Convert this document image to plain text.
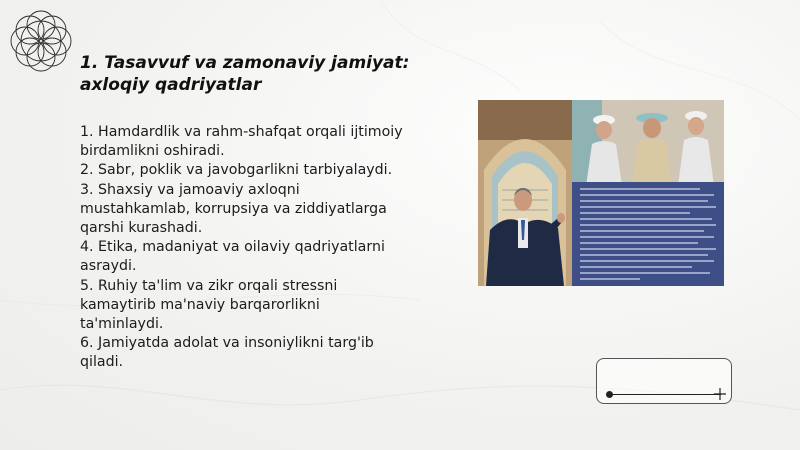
1. Tasavvuf va zamonaviy jamiyat:
axloqiy qadriyatlar
1. Hamdardlik va rahm-shafqat orqali ijtimoiy
birdamlikni oshiradi.
2. Sabr, poklik va javobgarlikni tarbiyalaydi.
3. Shaxsiy va jamoaviy axloqni
mustahkamlab, korrupsiya va ziddiyatlarga
qarshi kurashadi.
4. Etika, madaniyat va oilaviy qadriyatlarni
asraydi.
5. Ruhiy ta'lim va zikr orqali stressni
kamaytirib ma'naviy barqarorlikni
ta'minlaydi.
6. Jamiyatda adolat va insoniylikni targ'ib
qiladi.
